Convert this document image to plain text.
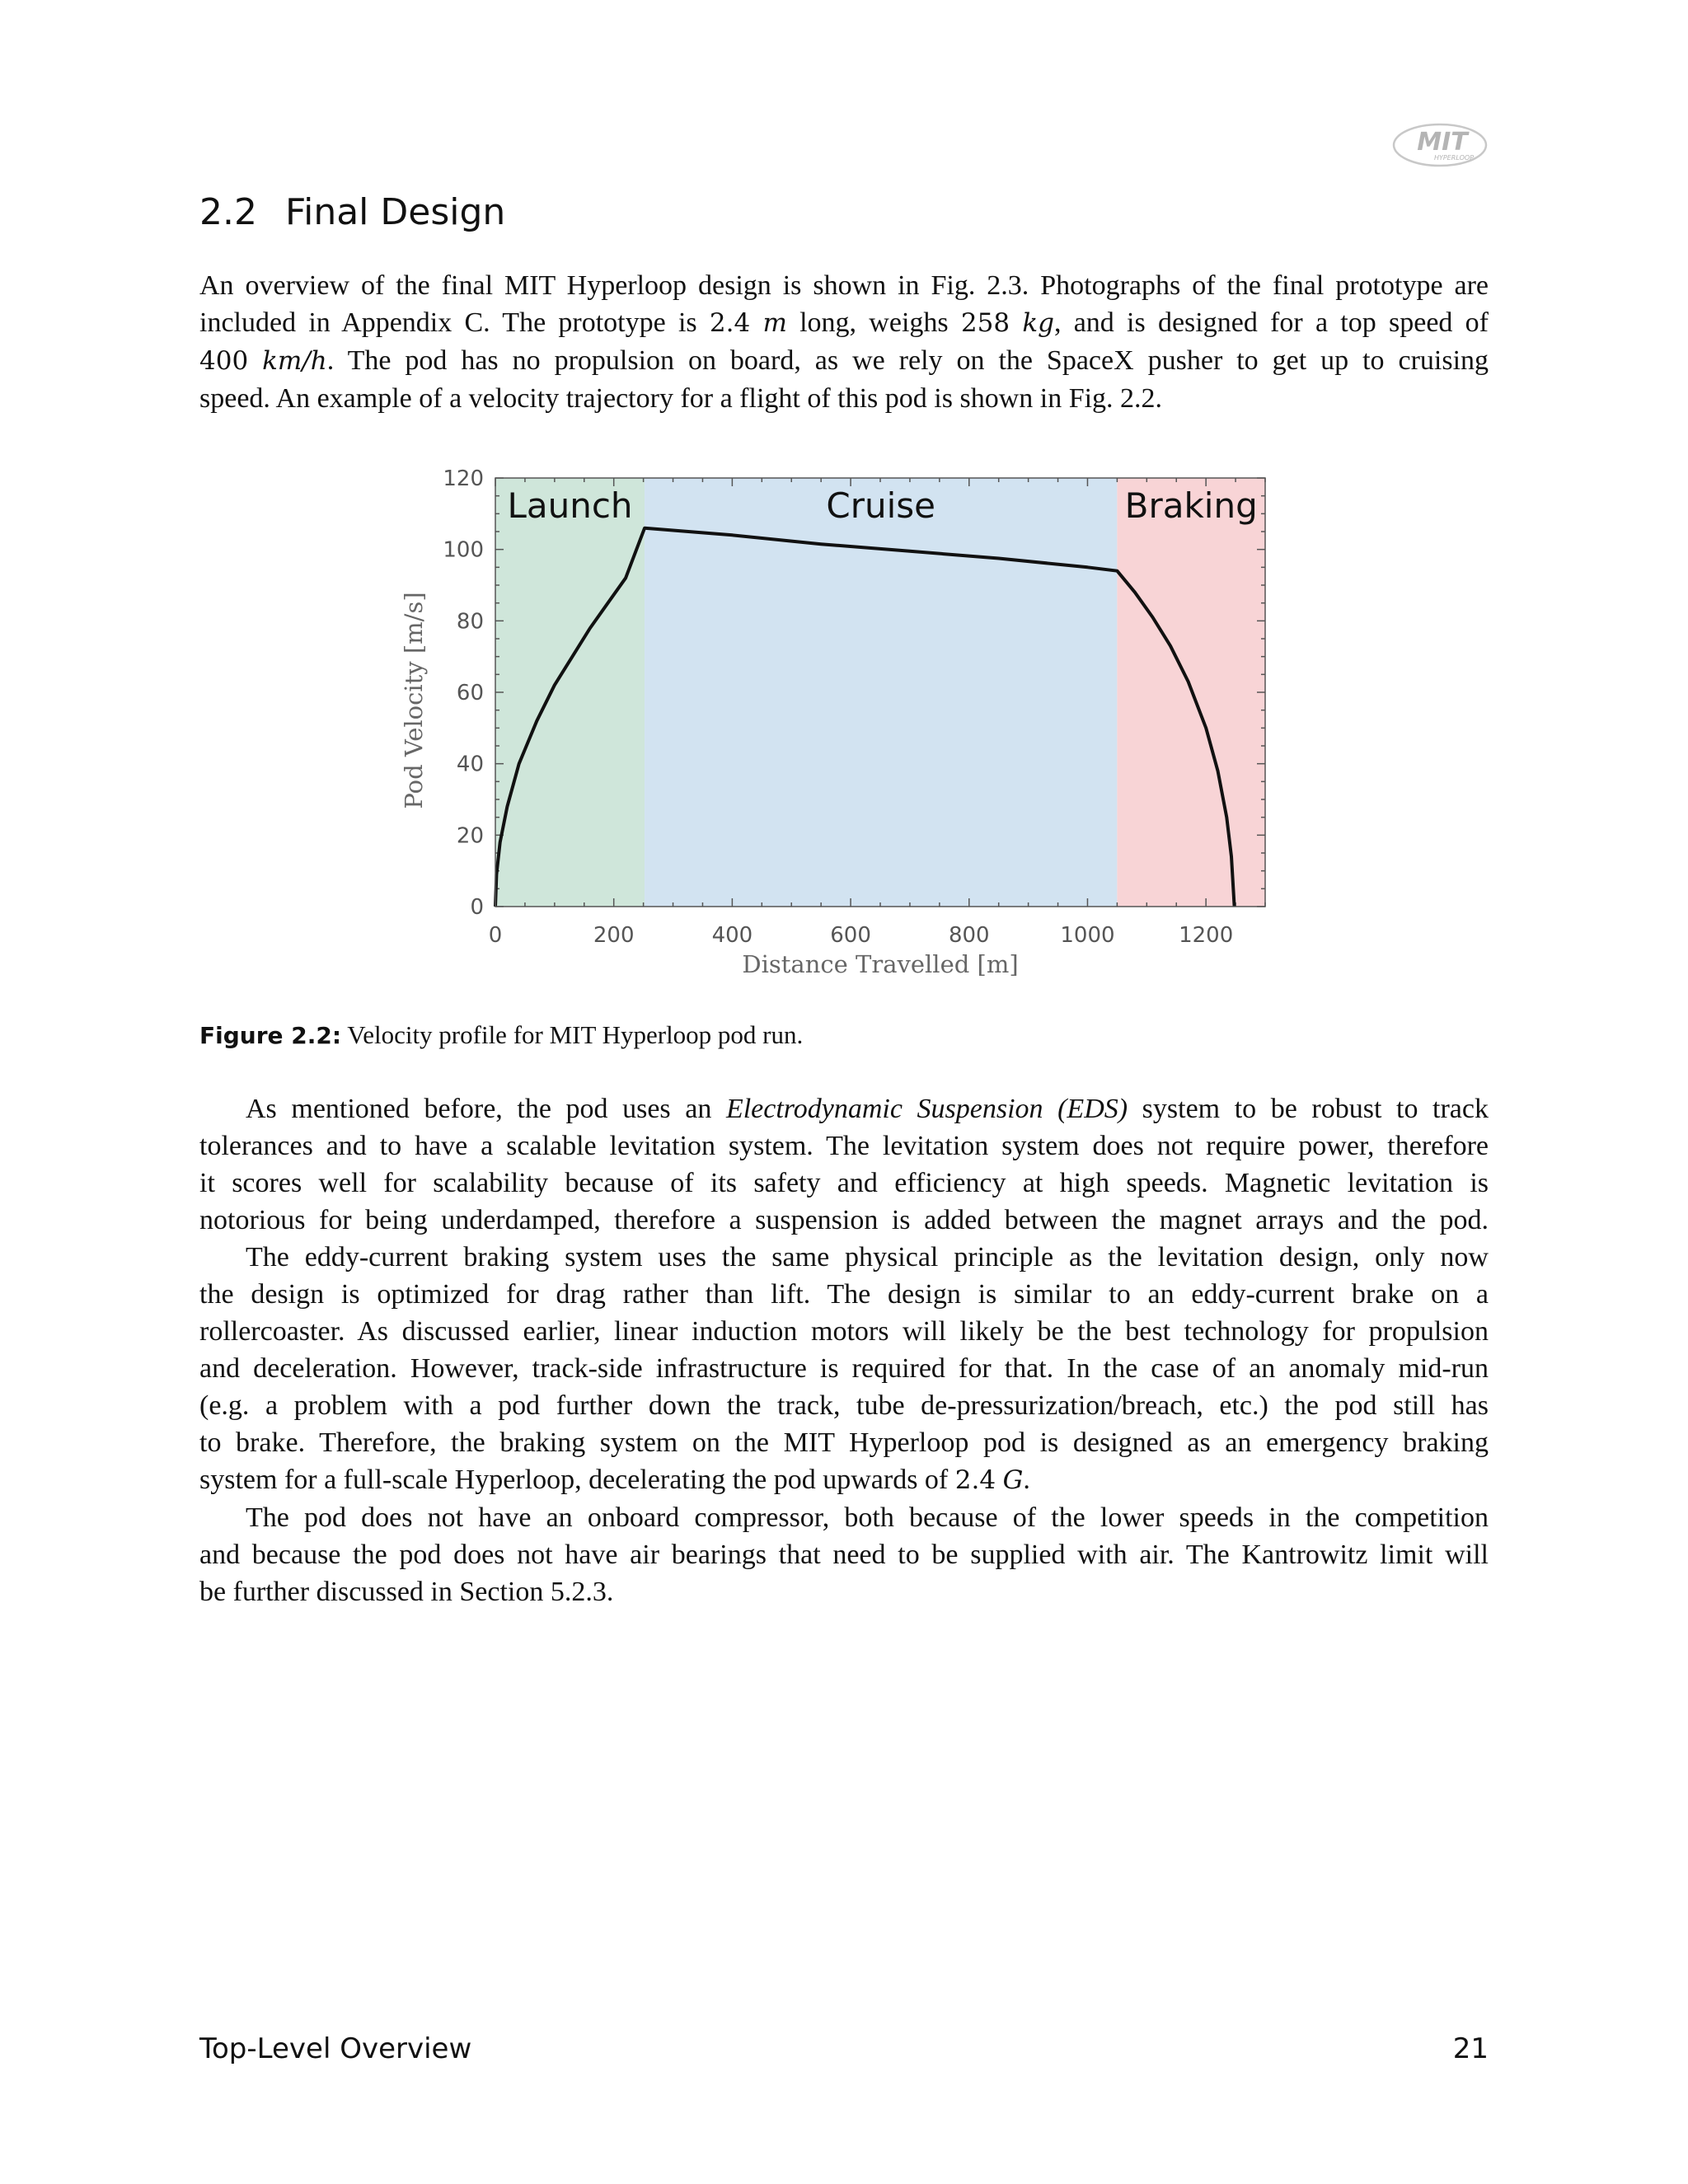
MIT
HYPERLOOP
2.2 Final Design
An overview of the final MIT Hyperloop design is shown in Fig. 2.3. Photographs of the final prototype are
included in Appendix C. The prototype is 2.4 m long, weighs 258 kg, and is designed for a top speed of
400 km/h. The pod has no propulsion on board, as we rely on the SpaceX pusher to get up to cruising
speed. An example of a velocity trajectory for a flight of this pod is shown in Fig. 2.2.
0	200	400	600	800	1000	1200
0
20
40
60
80
100
120
Launch	Cruise	Braking
Distance Travelled [m]
Pod Velocity [m/s]
Figure 2.2: Velocity profile for MIT Hyperloop pod run.
As mentioned before, the pod uses an Electrodynamic Suspension (EDS) system to be robust to track
tolerances and to have a scalable levitation system. The levitation system does not require power, therefore
it scores well for scalability because of its safety and efficiency at high speeds. Magnetic levitation is
notorious for being underdamped, therefore a suspension is added between the magnet arrays and the pod.
The eddy-current braking system uses the same physical principle as the levitation design, only now
the design is optimized for drag rather than lift. The design is similar to an eddy-current brake on a
rollercoaster. As discussed earlier, linear induction motors will likely be the best technology for propulsion
and deceleration. However, track-side infrastructure is required for that. In the case of an anomaly mid-run
(e.g. a problem with a pod further down the track, tube de-pressurization/breach, etc.) the pod still has
to brake. Therefore, the braking system on the MIT Hyperloop pod is designed as an emergency braking
system for a full-scale Hyperloop, decelerating the pod upwards of 2.4 G.
The pod does not have an onboard compressor, both because of the lower speeds in the competition
and because the pod does not have air bearings that need to be supplied with air. The Kantrowitz limit will
be further discussed in Section 5.2.3.
Top-Level Overview	21
